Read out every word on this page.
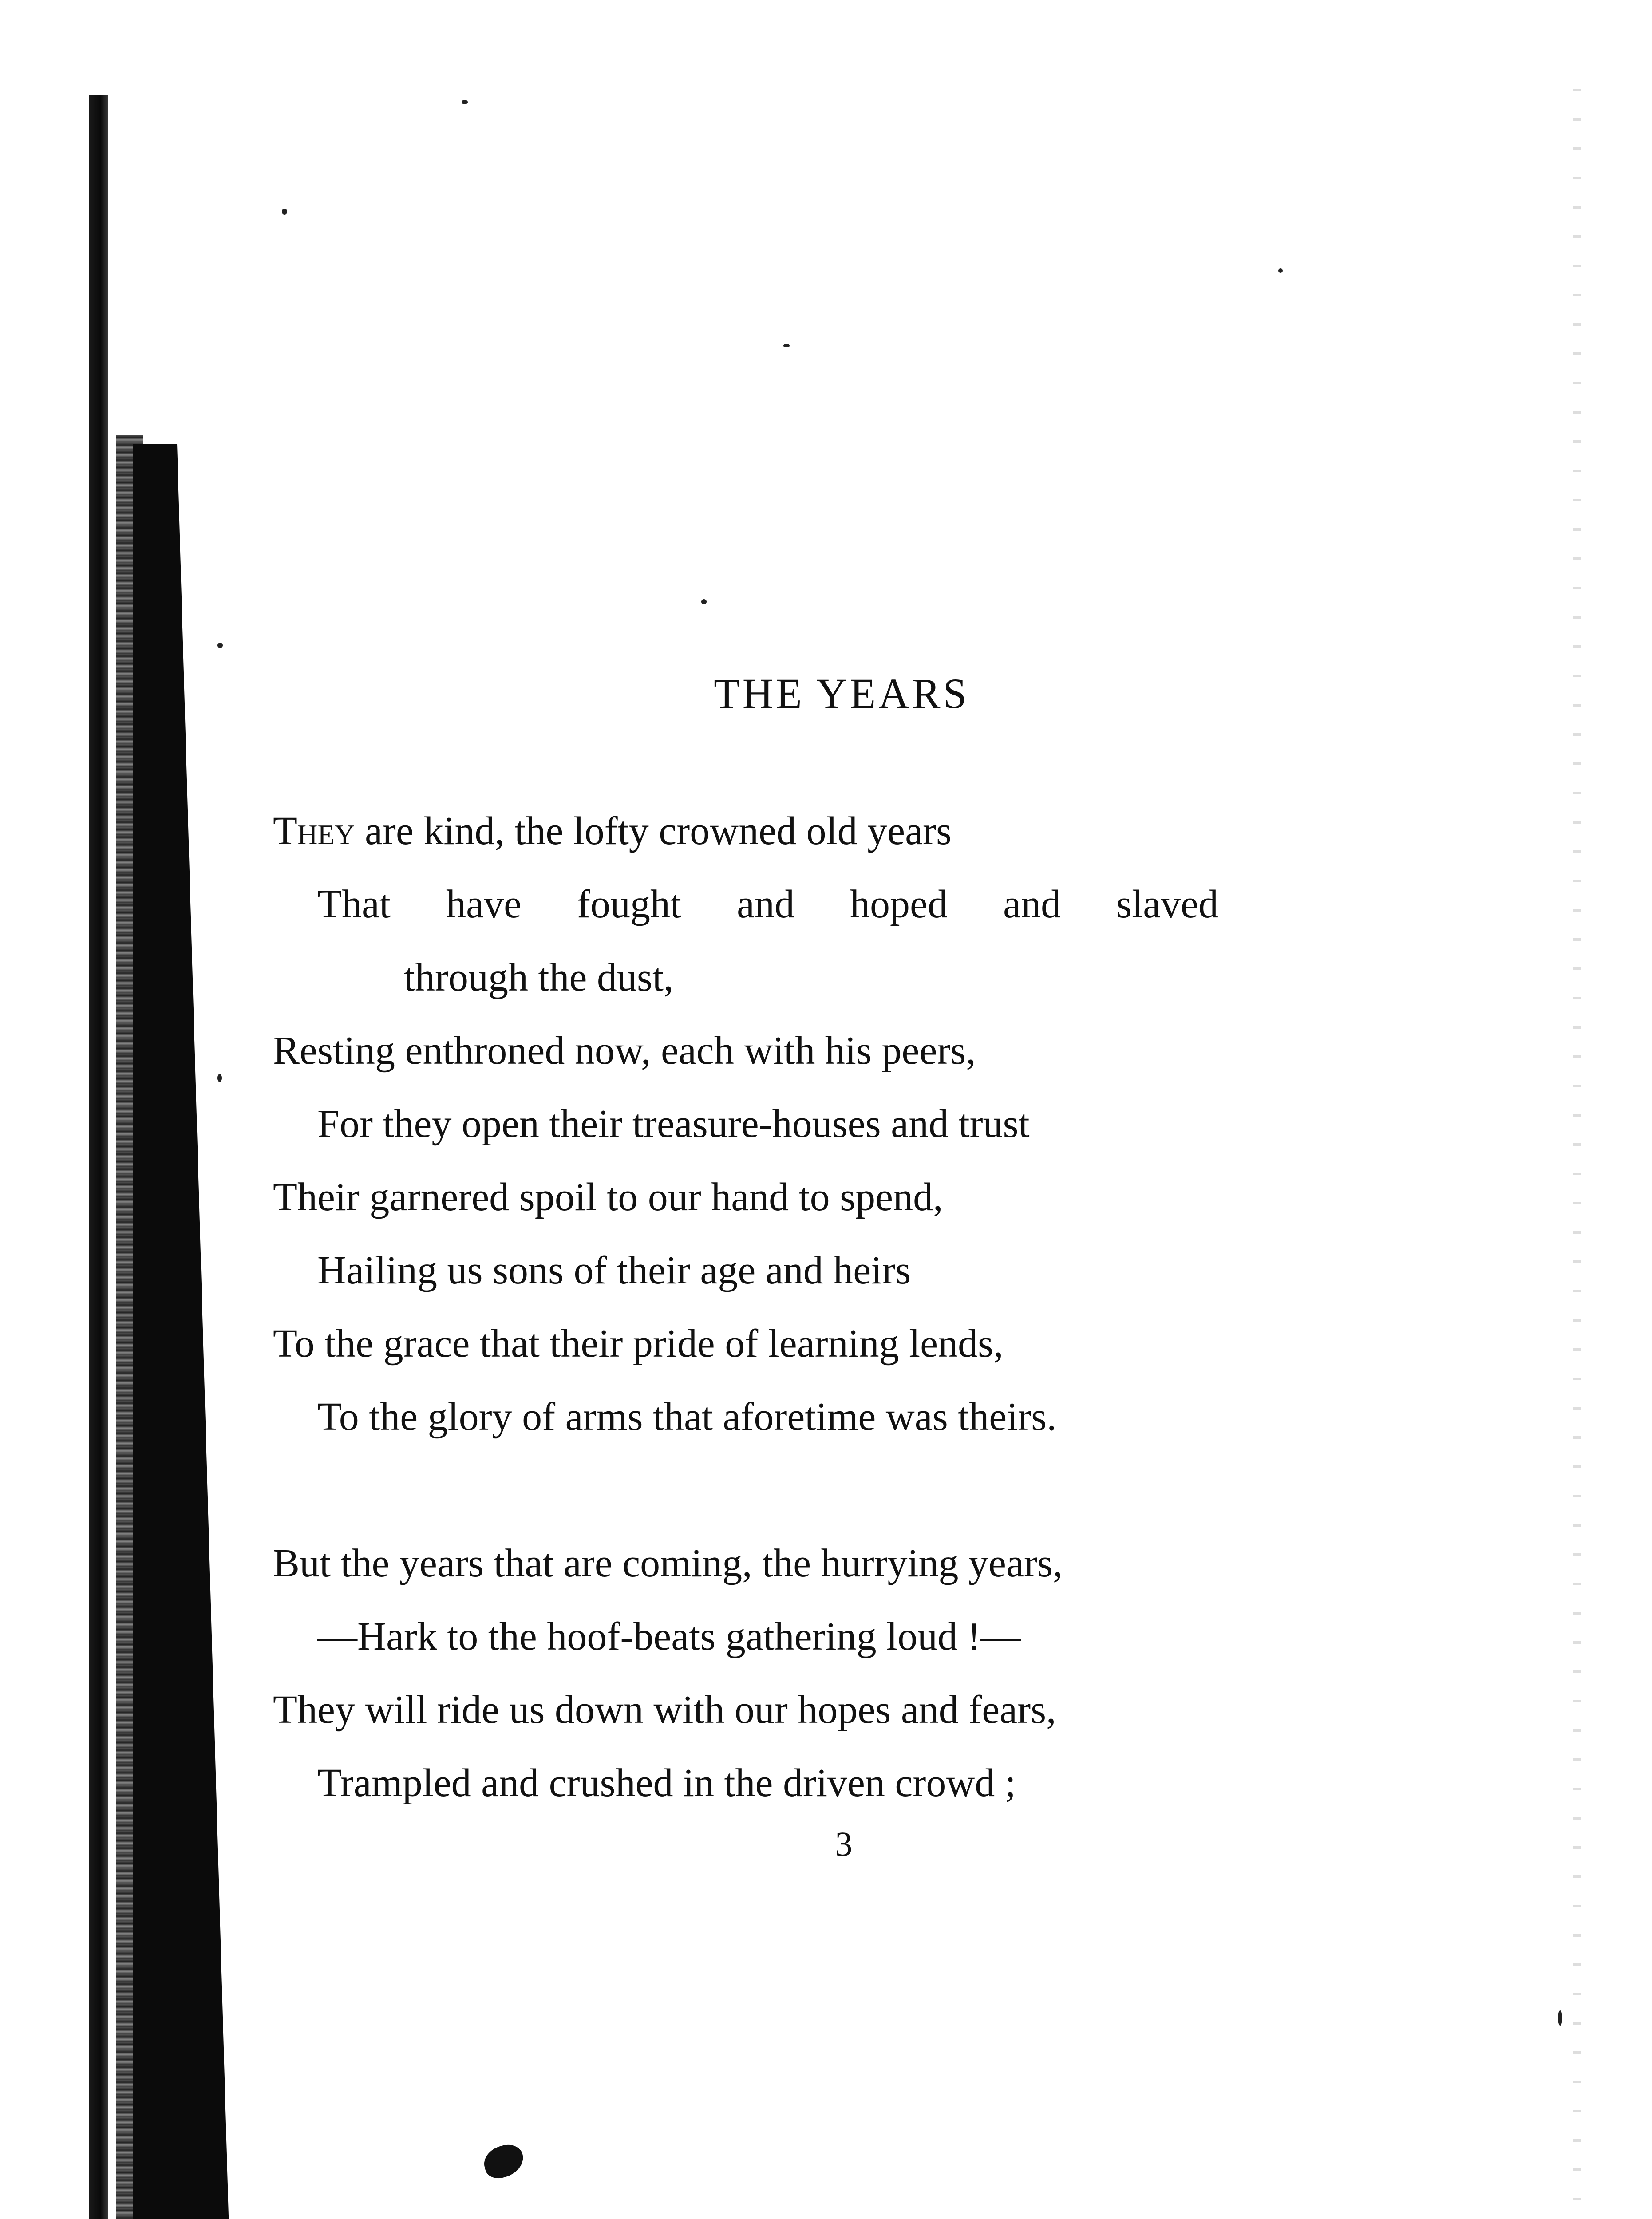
THE YEARS
They are kind, the lofty crowned old years
That have fought and hoped and slaved
through the dust,
Resting enthroned now, each with his peers,
For they open their treasure-houses and trust
Their garnered spoil to our hand to spend,
Hailing us sons of their age and heirs
To the grace that their pride of learning lends,
To the glory of arms that aforetime was theirs.
But the years that are coming, the hurrying years,
—Hark to the hoof-beats gathering loud !—
They will ride us down with our hopes and fears,
Trampled and crushed in the driven crowd ;
3
